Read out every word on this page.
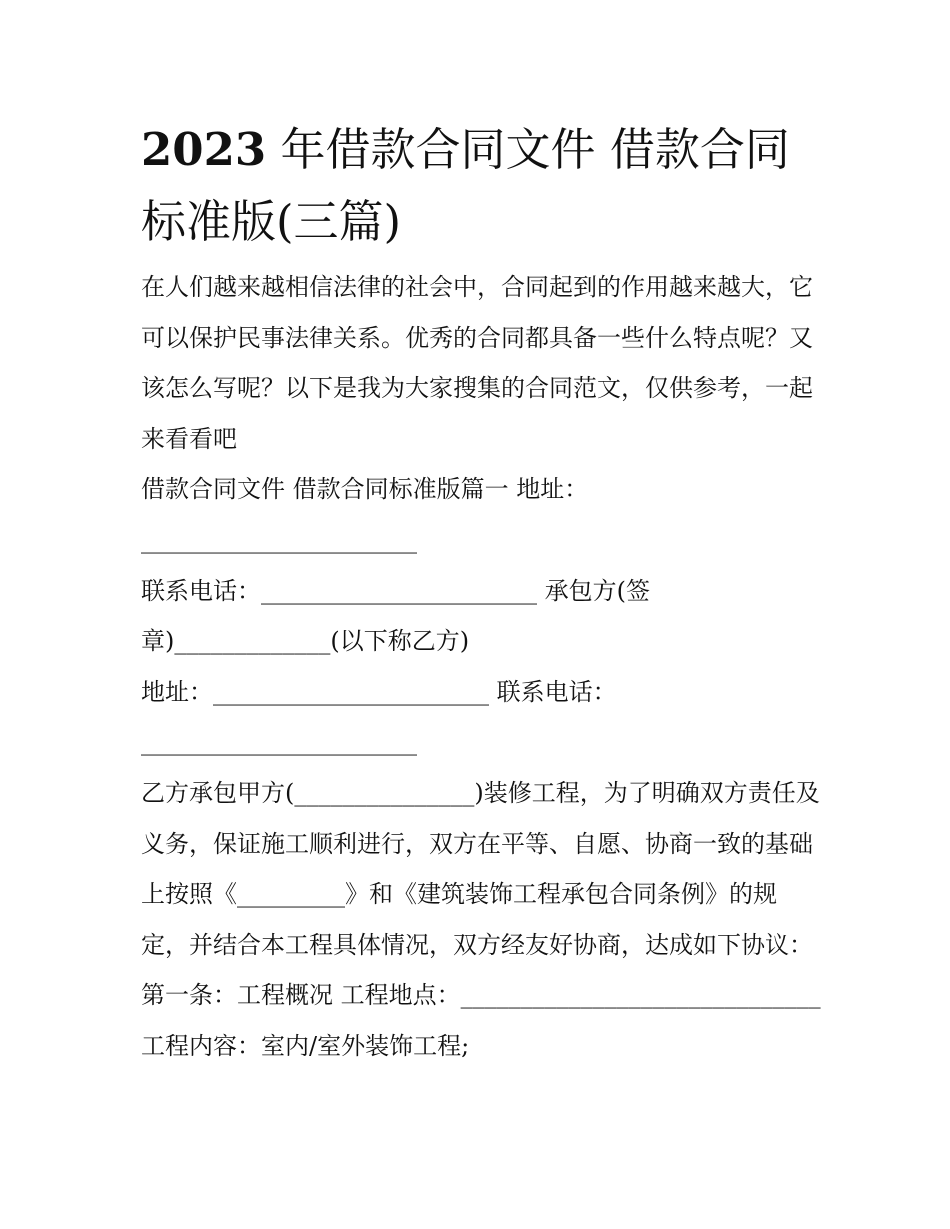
2023 年借款合同文件 借款合同标准版(三篇)

在人们越来越相信法律的社会中，合同起到的作用越来越大，它可以保护民事法律关系。优秀的合同都具备一些什么特点呢？又该怎么写呢？以下是我为大家搜集的合同范文，仅供参考，一起来看看吧

借款合同文件 借款合同标准版篇一 地址：_______________________

联系电话：_______________________ 承包方(签章)_____________(以下称乙方)

地址：_______________________ 联系电话：_______________________

乙方承包甲方(_______________)装修工程，为了明确双方责任及义务，保证施工顺利进行，双方在平等、自愿、协商一致的基础上按照《_________》和《建筑装饰工程承包合同条例》的规定，并结合本工程具体情况，双方经友好协商，达成如下协议：

第一条：工程概况 工程地点：______________________________

工程内容：室内/室外装饰工程;
